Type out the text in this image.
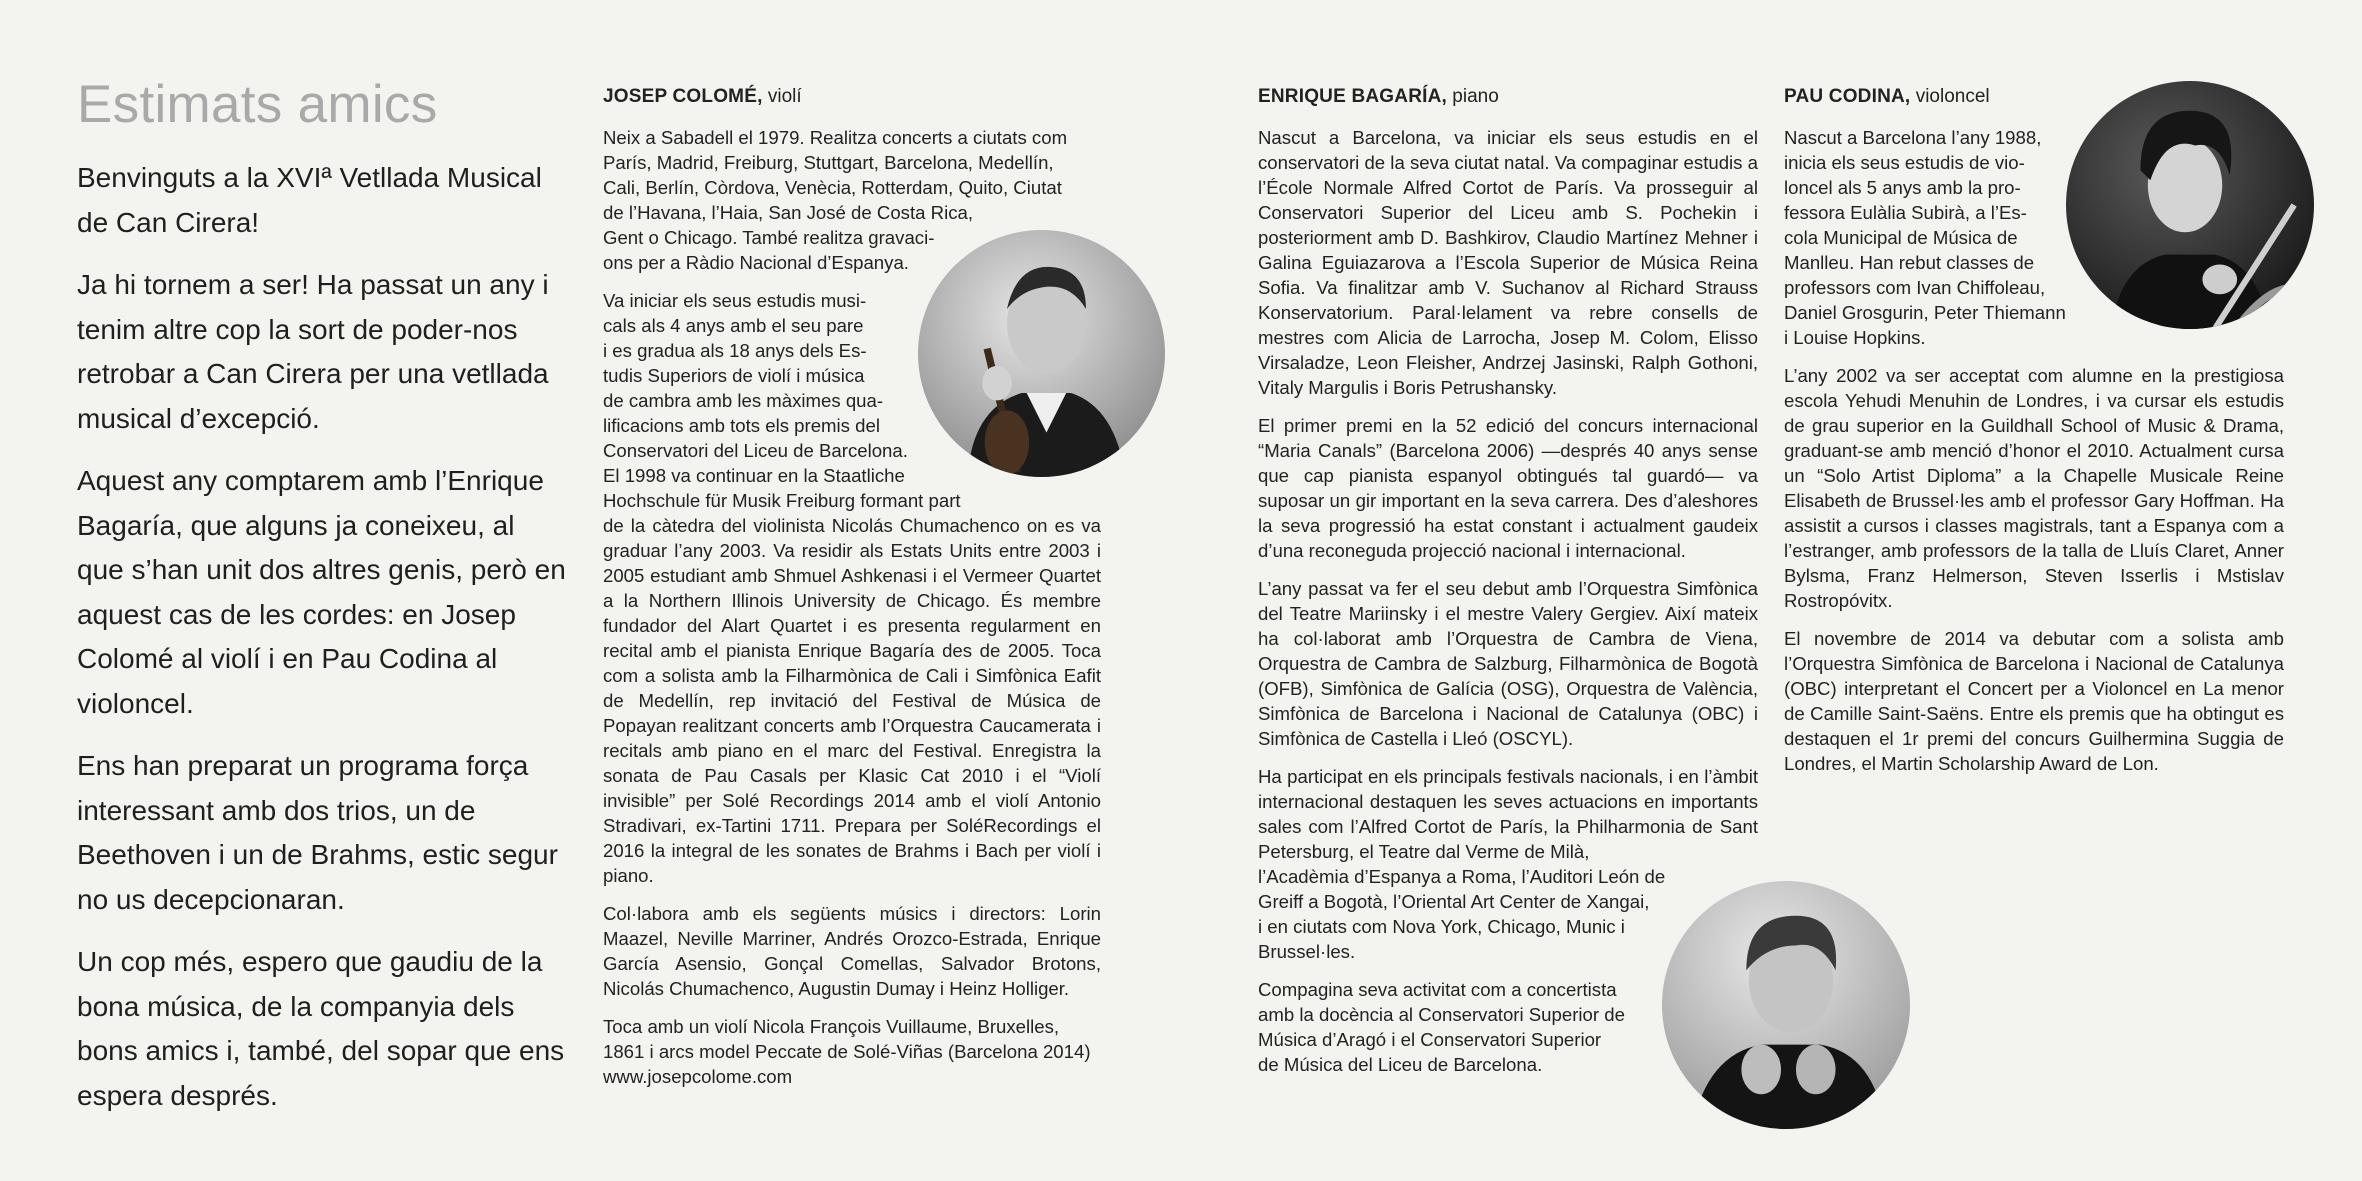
Estimats amics

Benvinguts a la XVIª Vetllada Musical de Can Cirera!

Ja hi tornem a ser! Ha passat un any i tenim altre cop la sort de poder-nos retrobar a Can Cirera per una vetllada musical d’excepció.

Aquest any comptarem amb l’Enrique Bagaría, que alguns ja coneixeu, al que s’han unit dos altres genis, però en aquest cas de les cordes: en Josep Colomé al violí i en Pau Codina al violoncel.

Ens han preparat un programa força interessant amb dos trios, un de Beethoven i un de Brahms, estic segur no us decepcionaran.

Un cop més, espero que gaudiu de la bona música, de la companyia dels bons amics i, també, del sopar que ens espera després.

JOSEP COLOMÉ, violí

Neix a Sabadell el 1979. Realitza concerts a ciutats com
París, Madrid, Freiburg, Stuttgart, Barcelona, Medellín,
Cali, Berlín, Còrdova, Venècia, Rotterdam, Quito, Ciutat
de l’Havana, l’Haia, San José de Costa Rica,
Gent o Chicago. També realitza gravaci-
ons per a Ràdio Nacional d’Espanya.

Va iniciar els seus estudis musi-
cals als 4 anys amb el seu pare
i es gradua als 18 anys dels Es-
tudis Superiors de violí i música
de cambra amb les màximes qua-
lificacions amb tots els premis del
Conservatori del Liceu de Barcelona.
El 1998 va continuar en la Staatliche
Hochschule für Musik Freiburg formant part

de la càtedra del violinista Nicolás Chumachenco on es va graduar l’any 2003. Va residir als Estats Units entre 2003 i 2005 estudiant amb Shmuel Ashkenasi i el Vermeer Quartet a la Northern Illinois University de Chicago. És membre fundador del Alart Quartet i es presenta regularment en recital amb el pianista Enrique Bagaría des de 2005. Toca com a solista amb la Filharmònica de Cali i Simfònica Eafit de Medellín, rep invitació del Festival de Música de Popayan realitzant concerts amb l’Orquestra Caucamerata i recitals amb piano en el marc del Festival. Enregistra la sonata de Pau Casals per Klasic Cat 2010 i el “Violí invisible” per Solé Recordings 2014 amb el violí Antonio Stradivari, ex-Tartini 1711. Prepara per SoléRecordings el 2016 la integral de les sonates de Brahms i Bach per violí i piano.

Col·labora amb els següents músics i directors: Lorin Maazel, Neville Marriner, Andrés Orozco-Estrada, Enrique García Asensio, Gonçal Comellas, Salvador Brotons, Nicolás Chumachenco, Augustin Dumay i Heinz Holliger.

Toca amb un violí Nicola François Vuillaume, Bruxelles, 1861 i arcs model Peccate de Solé-Viñas (Barcelona 2014)
www.josepcolome.com

ENRIQUE BAGARÍA, piano

Nascut a Barcelona, va iniciar els seus estudis en el conservatori de la seva ciutat natal. Va compaginar estudis a l’École Normale Alfred Cortot de París. Va prosseguir al Conservatori Superior del Liceu amb S. Pochekin i posteriorment amb D. Bashkirov, Claudio Martínez Mehner i Galina Eguiazarova a l’Escola Superior de Música Reina Sofia. Va finalitzar amb V. Suchanov al Richard Strauss Konservatorium. Paral·lelament va rebre consells de mestres com Alicia de Larrocha, Josep M. Colom, Elisso Virsaladze, Leon Fleisher, Andrzej Jasinski, Ralph Gothoni, Vitaly Margulis i Boris Petrushansky.

El primer premi en la 52 edició del concurs internacional “Maria Canals” (Barcelona 2006) —després 40 anys sense que cap pianista espanyol obtingués tal guardó— va suposar un gir important en la seva carrera. Des d’aleshores la seva progressió ha estat constant i actualment gaudeix d’una reconeguda projecció nacional i internacional.

L’any passat va fer el seu debut amb l’Orquestra Simfònica del Teatre Mariinsky i el mestre Valery Gergiev. Així mateix ha col·laborat amb l’Orquestra de Cambra de Viena, Orquestra de Cambra de Salzburg, Filharmònica de Bogotà (OFB), Simfònica de Galícia (OSG), Orquestra de València, Simfònica de Barcelona i Nacional de Catalunya (OBC) i Simfònica de Castella i Lleó (OSCYL).

Ha participat en els principals festivals nacionals, i en l’àmbit internacional destaquen les seves actuacions en importants sales com l’Alfred Cortot de París, la Philharmonia de Sant Petersburg, el Teatre dal Verme de Milà,
l’Acadèmia d’Espanya a Roma, l’Auditori León de
Greiff a Bogotà, l’Oriental Art Center de Xangai,
i en ciutats com Nova York, Chicago, Munic i
Brussel·les.

Compagina seva activitat com a concertista
amb la docència al Conservatori Superior de
Música d’Aragó i el Conservatori Superior
de Música del Liceu de Barcelona.

PAU CODINA, violoncel

Nascut a Barcelona l’any 1988,
inicia els seus estudis de vio-
loncel als 5 anys amb la pro-
fessora Eulàlia Subirà, a l’Es-
cola Municipal de Música de
Manlleu. Han rebut classes de
professors com Ivan Chiffoleau,
Daniel Grosgurin, Peter Thiemann
i Louise Hopkins.

L’any 2002 va ser acceptat com alumne en la prestigiosa escola Yehudi Menuhin de Londres, i va cursar els estudis de grau superior en la Guildhall School of Music & Drama, graduant-se amb menció d’honor el 2010. Actualment cursa un “Solo Artist Diploma” a la Chapelle Musicale Reine Elisabeth de Brussel·les amb el professor Gary Hoffman. Ha assistit a cursos i classes magistrals, tant a Espanya com a l’estranger, amb professors de la talla de Lluís Claret, Anner Bylsma, Franz Helmerson, Steven Isserlis i Mstislav Rostropóvitx.

El novembre de 2014 va debutar com a solista amb l’Orquestra Simfònica de Barcelona i Nacional de Catalunya (OBC) interpretant el Concert per a Violoncel en La menor de Camille Saint-Saëns. Entre els premis que ha obtingut es destaquen el 1r premi del concurs Guilhermina Suggia de Londres, el Martin Scholarship Award de Lon.
